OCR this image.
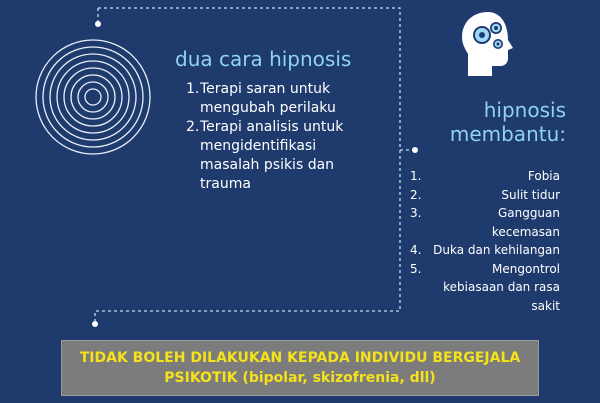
dua cara hipnosis
1. Terapi saran untuk
mengubah perilaku
2. Terapi analisis untuk
mengidentifikasi
masalah psikis dan
trauma
hipnosis
membantu:
1.	Fobia
2.	Sulit tidur
3.	Gangguan
kecemasan
4. Duka dan kehilangan
5.	Mengontrol
kebiasaan dan rasa
sakit
TIDAK BOLEH DILAKUKAN KEPADA INDIVIDU BERGEJALA
PSIKOTIK (bipolar, skizofrenia, dll)
